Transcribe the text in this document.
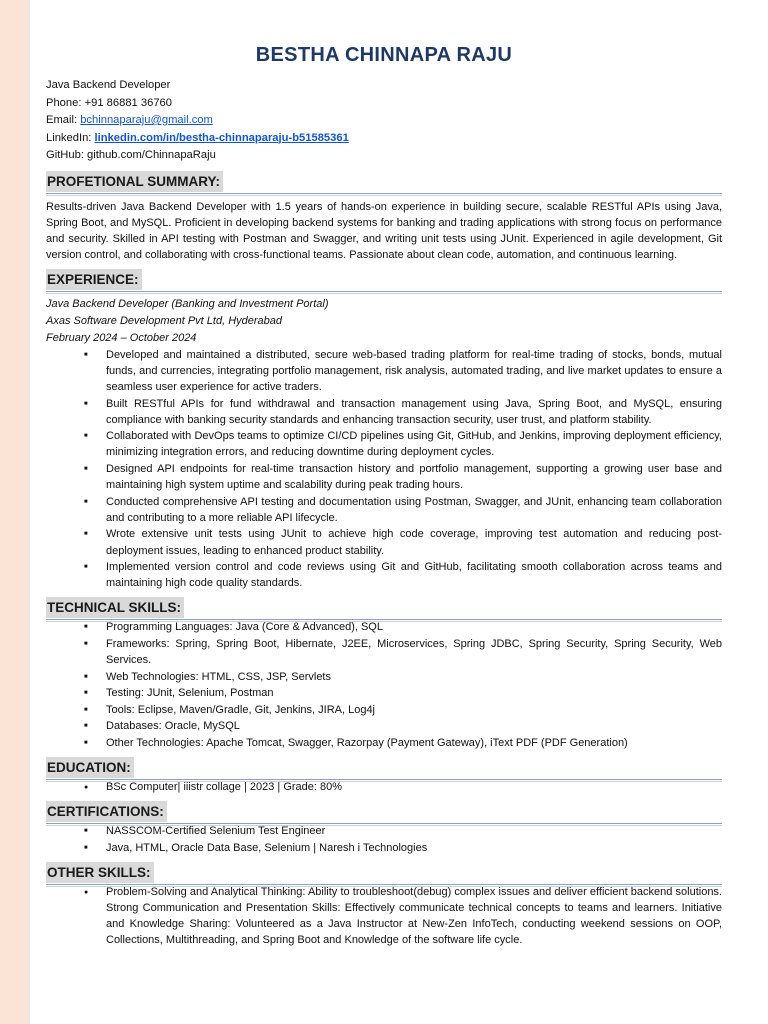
BESTHA CHINNAPA RAJU
Java Backend Developer
Phone: +91 86881 36760
Email: bchinnaparaju@gmail.com
LinkedIn: linkedin.com/in/bestha-chinnaparaju-b51585361
GitHub: github.com/ChinnapaRaju
PROFETIONAL SUMMARY:
Results-driven Java Backend Developer with 1.5 years of hands-on experience in building secure, scalable RESTful APIs using Java, Spring Boot, and MySQL. Proficient in developing backend systems for banking and trading applications with strong focus on performance and security. Skilled in API testing with Postman and Swagger, and writing unit tests using JUnit. Experienced in agile development, Git version control, and collaborating with cross-functional teams. Passionate about clean code, automation, and continuous learning.
EXPERIENCE:
Java Backend Developer (Banking and Investment Portal)
Axas Software Development Pvt Ltd, Hyderabad
February 2024 – October 2024
■
Developed and maintained a distributed, secure web-based trading platform for real-time trading of stocks, bonds, mutual funds, and currencies, integrating portfolio management, risk analysis, automated trading, and live market updates to ensure a seamless user experience for active traders.
■
Built RESTful APIs for fund withdrawal and transaction management using Java, Spring Boot, and MySQL, ensuring compliance with banking security standards and enhancing transaction security, user trust, and platform stability.
■
Collaborated with DevOps teams to optimize CI/CD pipelines using Git, GitHub, and Jenkins, improving deployment efficiency, minimizing integration errors, and reducing downtime during deployment cycles.
■
Designed API endpoints for real-time transaction history and portfolio management, supporting a growing user base and maintaining high system uptime and scalability during peak trading hours.
■
Conducted comprehensive API testing and documentation using Postman, Swagger, and JUnit, enhancing team collaboration and contributing to a more reliable API lifecycle.
■
Wrote extensive unit tests using JUnit to achieve high code coverage, improving test automation and reducing post-deployment issues, leading to enhanced product stability.
■
Implemented version control and code reviews using Git and GitHub, facilitating smooth collaboration across teams and maintaining high code quality standards.
TECHNICAL SKILLS:
■
Programming Languages: Java (Core & Advanced), SQL
■
Frameworks: Spring, Spring Boot, Hibernate, J2EE, Microservices, Spring JDBC, Spring Security, Spring Security, Web Services.
■
Web Technologies: HTML, CSS, JSP, Servlets
■
Testing: JUnit, Selenium, Postman
■
Tools: Eclipse, Maven/Gradle, Git, Jenkins, JIRA, Log4j
■
Databases: Oracle, MySQL
■
Other Technologies: Apache Tomcat, Swagger, Razorpay (Payment Gateway), iText PDF (PDF Generation)
EDUCATION:
●
BSc Computer| iiistr collage | 2023 | Grade: 80%
CERTIFICATIONS:
■
NASSCOM-Certified Selenium Test Engineer
■
Java, HTML, Oracle Data Base, Selenium | Naresh i Technologies
OTHER SKILLS:
●
Problem-Solving and Analytical Thinking: Ability to troubleshoot(debug) complex issues and deliver efficient backend solutions. Strong Communication and Presentation Skills: Effectively communicate technical concepts to teams and learners. Initiative and Knowledge Sharing: Volunteered as a Java Instructor at New-Zen InfoTech, conducting weekend sessions on OOP, Collections, Multithreading, and Spring Boot and Knowledge of the software life cycle.
